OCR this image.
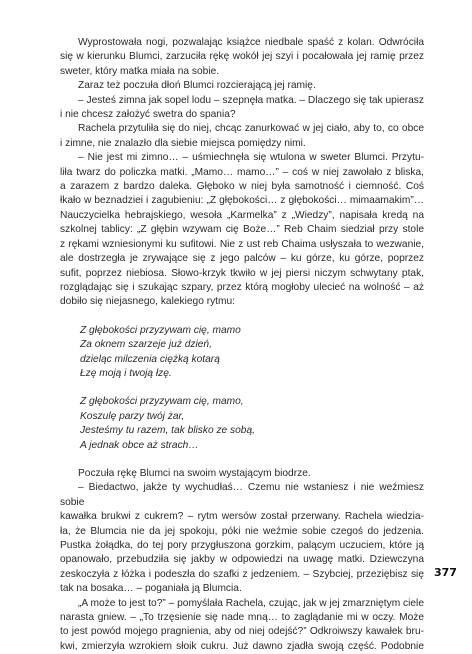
Wyprostowała nogi, pozwalając książce niedbale spaść z kolan. Odwróciła
się w kierunku Blumci, zarzuciła rękę wokół jej szyi i pocałowała jej ramię przez
sweter, który matka miała na sobie.
Zaraz też poczuła dłoń Blumci rozcierającą jej ramię.
– Jesteś zimna jak sopel lodu – szepnęła matka. – Dlaczego się tak upierasz
i nie chcesz założyć swetra do spania?
Rachela przytuliła się do niej, chcąc zanurkować w jej ciało, aby to, co obce
i zimne, nie znalazło dla siebie miejsca pomiędzy nimi.
– Nie jest mi zimno… – uśmiechnęła się wtulona w sweter Blumci. Przytu-
liła twarz do policzka matki. „Mamo… mamo…” – coś w niej zawołało z bliska,
a zarazem z bardzo daleka. Głęboko w niej była samotność i ciemność. Coś
łkało w beznadziei i zagubieniu: „Z głębokości… z głębokości… mimaamakim”…
Nauczycielka hebrajskiego, wesoła „Karmelka” z „Wiedzy”, napisała kredą na
szkolnej tablicy: „Z głębin wzywam cię Boże…” Reb Chaim siedział przy stole
z rękami wzniesionymi ku sufitowi. Nie z ust reb Chaima usłyszała to wezwanie,
ale dostrzegła je zrywające się z jego palców – ku górze, ku górze, poprzez
sufit, poprzez niebiosa. Słowo-krzyk tkwiło w jej piersi niczym schwytany ptak,
rozglądając się i szukając szpary, przez którą mogłoby ulecieć na wolność – aż
dobiło się niejasnego, kalekiego rytmu:
Z głębokości przyzywam cię, mamo
Za oknem szarzeje już dzień,
dzieląc milczenia ciężką kotarą
Łzę moją i twoją łzę.
Z głębokości przyzywam cię, mamo,
Koszulę parzy twój żar,
Jesteśmy tu razem, tak blisko ze sobą,
A jednak obce aż strach…
Poczuła rękę Blumci na swoim wystającym biodrze.
– Biedactwo, jakże ty wychudłaś… Czemu nie wstaniesz i nie weźmiesz sobie
kawałka brukwi z cukrem? – rytm wersów został przerwany. Rachela wiedzia-
ła, że Blumcia nie da jej spokoju, póki nie weźmie sobie czegoś do jedzenia.
Pustka żołądka, do tej pory przygłuszona gorzkim, palącym uczuciem, które ją
opanowało, przebudziła się jakby w odpowiedzi na uwagę matki. Dziewczyna
zeskoczyła z łóżka i podeszła do szafki z jedzeniem. – Szybciej, przeziębisz się
tak na bosaka… – poganiała ją Blumcia.
„A może to jest to?” – pomyślała Rachela, czując, jak w jej zmarzniętym ciele
narasta gniew. – „To trzęsienie się nade mną… to zaglądanie mi w oczy. Może
to jest powód mojego pragnienia, aby od niej odejść?” Odkroiwszy kawałek bru-
kwi, zmierzyła wzrokiem słoik cukru. Już dawno zjadła swoją część. Podobnie
377
